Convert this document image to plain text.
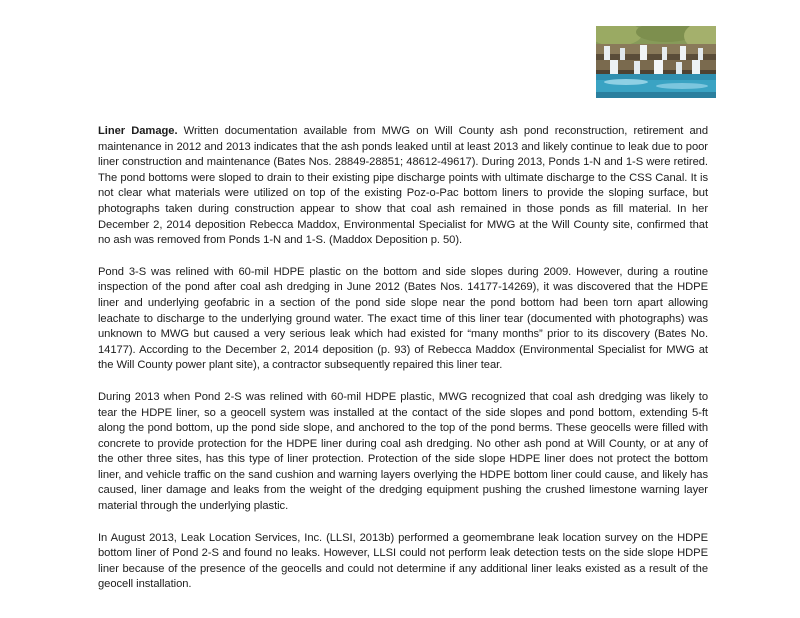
Liner Damage. Written documentation available from MWG on Will County ash pond reconstruction, retirement and maintenance in 2012 and 2013 indicates that the ash ponds leaked until at least 2013 and likely continue to leak due to poor liner construction and maintenance (Bates Nos. 28849-28851; 48612-49617). During 2013, Ponds 1-N and 1-S were retired. The pond bottoms were sloped to drain to their existing pipe discharge points with ultimate discharge to the CSS Canal. It is not clear what materials were utilized on top of the existing Poz-o-Pac bottom liners to provide the sloping surface, but photographs taken during construction appear to show that coal ash remained in those ponds as fill material. In her December 2, 2014 deposition Rebecca Maddox, Environmental Specialist for MWG at the Will County site, confirmed that no ash was removed from Ponds 1-N and 1-S. (Maddox Deposition p. 50).

Pond 3-S was relined with 60-mil HDPE plastic on the bottom and side slopes during 2009. However, during a routine inspection of the pond after coal ash dredging in June 2012 (Bates Nos. 14177-14269), it was discovered that the HDPE liner and underlying geofabric in a section of the pond side slope near the pond bottom had been torn apart allowing leachate to discharge to the underlying ground water. The exact time of this liner tear (documented with photographs) was unknown to MWG but caused a very serious leak which had existed for “many months” prior to its discovery (Bates No. 14177). According to the December 2, 2014 deposition (p. 93) of Rebecca Maddox (Environmental Specialist for MWG at the Will County power plant site), a contractor subsequently repaired this liner tear.

During 2013 when Pond 2-S was relined with 60-mil HDPE plastic, MWG recognized that coal ash dredging was likely to tear the HDPE liner, so a geocell system was installed at the contact of the side slopes and pond bottom, extending 5-ft along the pond bottom, up the pond side slope, and anchored to the top of the pond berms. These geocells were filled with concrete to provide protection for the HDPE liner during coal ash dredging. No other ash pond at Will County, or at any of the other three sites, has this type of liner protection. Protection of the side slope HDPE liner does not protect the bottom liner, and vehicle traffic on the sand cushion and warning layers overlying the HDPE bottom liner could cause, and likely has caused, liner damage and leaks from the weight of the dredging equipment pushing the crushed limestone warning layer material through the underlying plastic.

In August 2013, Leak Location Services, Inc. (LLSI, 2013b) performed a geomembrane leak location survey on the HDPE bottom liner of Pond 2-S and found no leaks. However, LLSI could not perform leak detection tests on the side slope HDPE liner because of the presence of the geocells and could not determine if any additional liner leaks existed as a result of the geocell installation.
